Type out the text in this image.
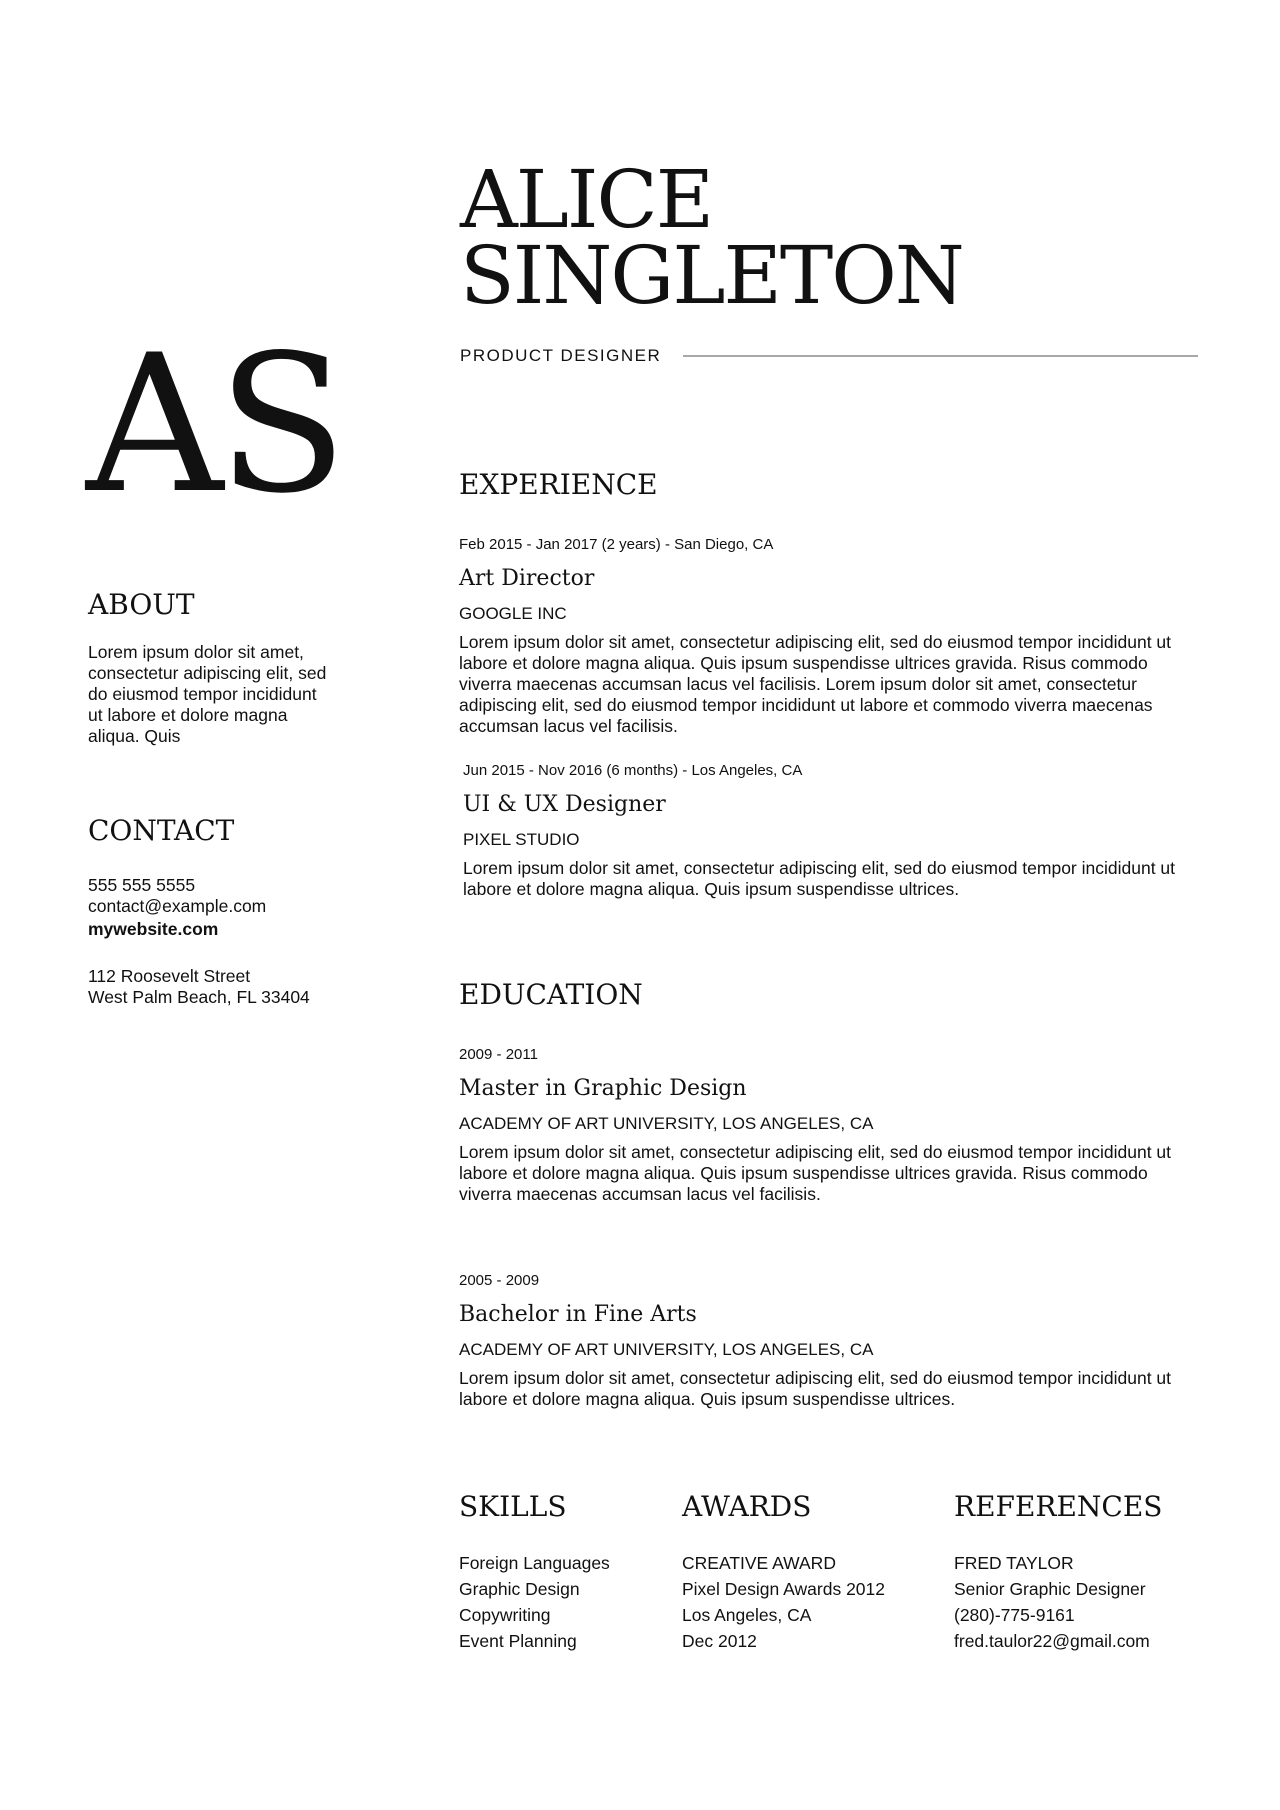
AS
ALICE
SINGLETON
PRODUCT DESIGNER
ABOUT
Lorem ipsum dolor sit amet, consectetur adipiscing elit, sed do eiusmod tempor incididunt ut labore et dolore magna aliqua. Quis
CONTACT
555 555 5555
contact@example.com
mywebsite.com
112 Roosevelt Street
West Palm Beach, FL 33404
EXPERIENCE
Feb 2015 - Jan 2017 (2 years) - San Diego, CA
Art Director
GOOGLE INC
Lorem ipsum dolor sit amet, consectetur adipiscing elit, sed do eiusmod tempor incididunt ut labore et dolore magna aliqua. Quis ipsum suspendisse ultrices gravida. Risus commodo viverra maecenas accumsan lacus vel facilisis. Lorem ipsum dolor sit amet, consectetur adipiscing elit, sed do eiusmod tempor incididunt ut labore et commodo viverra maecenas accumsan lacus vel facilisis.
Jun 2015 - Nov 2016 (6 months) - Los Angeles, CA
UI & UX Designer
PIXEL STUDIO
Lorem ipsum dolor sit amet, consectetur adipiscing elit, sed do eiusmod tempor incididunt ut labore et dolore magna aliqua. Quis ipsum suspendisse ultrices.
EDUCATION
2009 - 2011
Master in Graphic Design
ACADEMY OF ART UNIVERSITY, LOS ANGELES, CA
Lorem ipsum dolor sit amet, consectetur adipiscing elit, sed do eiusmod tempor incididunt ut labore et dolore magna aliqua. Quis ipsum suspendisse ultrices gravida. Risus commodo viverra maecenas accumsan lacus vel facilisis.
2005 - 2009
Bachelor in Fine Arts
ACADEMY OF ART UNIVERSITY, LOS ANGELES, CA
Lorem ipsum dolor sit amet, consectetur adipiscing elit, sed do eiusmod tempor incididunt ut labore et dolore magna aliqua. Quis ipsum suspendisse ultrices.
SKILLS
Foreign Languages
Graphic Design
Copywriting
Event Planning
AWARDS
CREATIVE AWARD
Pixel Design Awards 2012
Los Angeles, CA
Dec 2012
REFERENCES
FRED TAYLOR
Senior Graphic Designer
(280)-775-9161
fred.taulor22@gmail.com
